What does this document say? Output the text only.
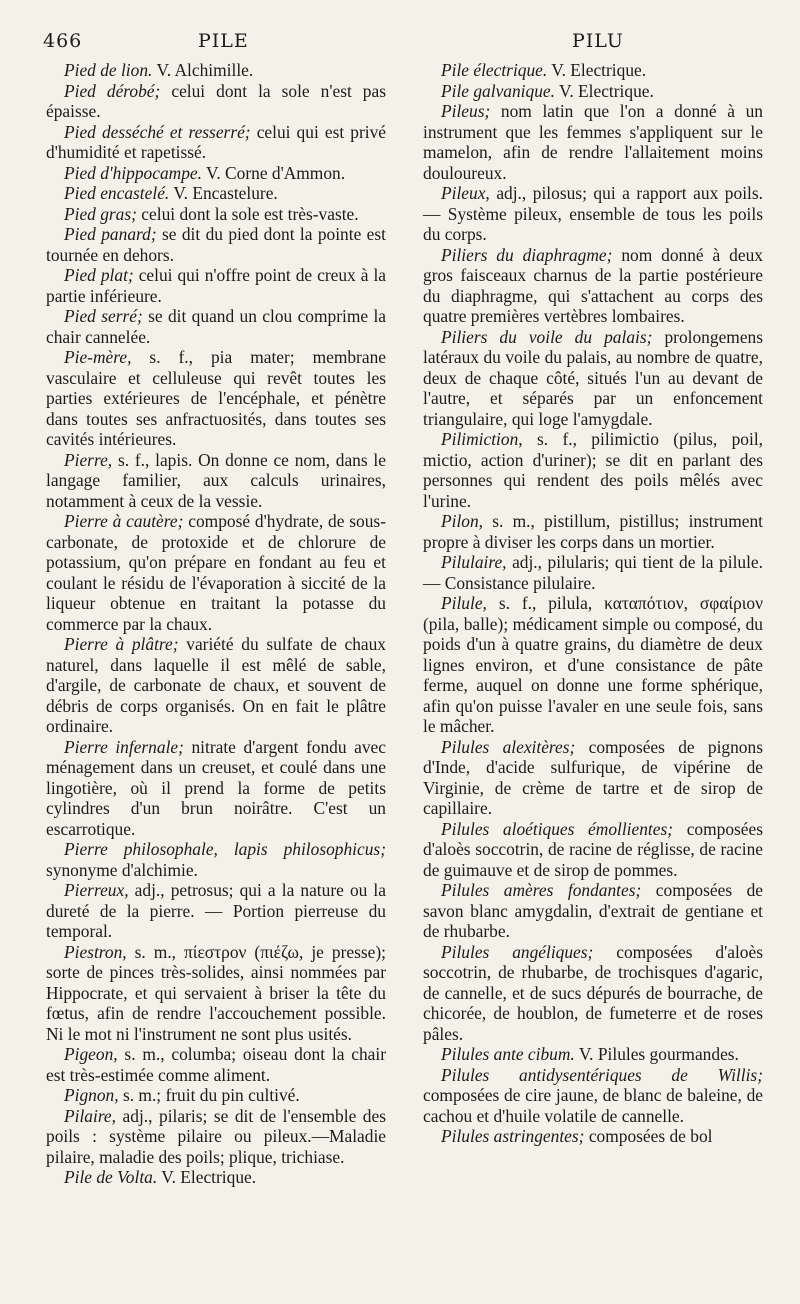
466	PILE	PILU

Pied de lion. V. Alchimille.

Pied dérobé; celui dont la sole n'est pas épaisse.

Pied desséché et resserré; celui qui est privé d'humidité et rapetissé.

Pied d'hippocampe. V. Corne d'Ammon.

Pied encastelé. V. Encastelure.

Pied gras; celui dont la sole est très-vaste.

Pied panard; se dit du pied dont la pointe est tournée en dehors.

Pied plat; celui qui n'offre point de creux à la partie inférieure.

Pied serré; se dit quand un clou comprime la chair cannelée.

Pie-mère, s. f., pia mater; membrane vasculaire et celluleuse qui revêt toutes les parties extérieures de l'encéphale, et pénètre dans toutes ses anfractuosités, dans toutes ses cavités intérieures.

Pierre, s. f., lapis. On donne ce nom, dans le langage familier, aux calculs urinaires, notamment à ceux de la vessie.

Pierre à cautère; composé d'hydrate, de sous-carbonate, de protoxide et de chlorure de potassium, qu'on prépare en fondant au feu et coulant le résidu de l'évaporation à siccité de la liqueur obtenue en traitant la potasse du commerce par la chaux.

Pierre à plâtre; variété du sulfate de chaux naturel, dans laquelle il est mêlé de sable, d'argile, de carbonate de chaux, et souvent de débris de corps organisés. On en fait le plâtre ordinaire.

Pierre infernale; nitrate d'argent fondu avec ménagement dans un creuset, et coulé dans une lingotière, où il prend la forme de petits cylindres d'un brun noirâtre. C'est un escarrotique.

Pierre philosophale, lapis philosophicus; synonyme d'alchimie.

Pierreux, adj., petrosus; qui a la nature ou la dureté de la pierre. — Portion pierreuse du temporal.

Piestron, s. m., πίεστρον (πιέζω, je presse); sorte de pinces très-solides, ainsi nommées par Hippocrate, et qui servaient à briser la tête du fœtus, afin de rendre l'accouchement possible. Ni le mot ni l'instrument ne sont plus usités.

Pigeon, s. m., columba; oiseau dont la chair est très-estimée comme aliment.

Pignon, s. m.; fruit du pin cultivé.

Pilaire, adj., pilaris; se dit de l'ensemble des poils : système pilaire ou pileux.—Maladie pilaire, maladie des poils; plique, trichiase.

Pile de Volta. V. Electrique.

Pile électrique. V. Electrique.

Pile galvanique. V. Electrique.

Pileus; nom latin que l'on a donné à un instrument que les femmes s'appliquent sur le mamelon, afin de rendre l'allaitement moins douloureux.

Pileux, adj., pilosus; qui a rapport aux poils. — Système pileux, ensemble de tous les poils du corps.

Piliers du diaphragme; nom donné à deux gros faisceaux charnus de la partie postérieure du diaphragme, qui s'attachent au corps des quatre premières vertèbres lombaires.

Piliers du voile du palais; prolongemens latéraux du voile du palais, au nombre de quatre, deux de chaque côté, situés l'un au devant de l'autre, et séparés par un enfoncement triangulaire, qui loge l'amygdale.

Pilimiction, s. f., pilimictio (pilus, poil, mictio, action d'uriner); se dit en parlant des personnes qui rendent des poils mêlés avec l'urine.

Pilon, s. m., pistillum, pistillus; instrument propre à diviser les corps dans un mortier.

Pilulaire, adj., pilularis; qui tient de la pilule. — Consistance pilulaire.

Pilule, s. f., pilula, καταπότιον, σφαίριον (pila, balle); médicament simple ou composé, du poids d'un à quatre grains, du diamètre de deux lignes environ, et d'une consistance de pâte ferme, auquel on donne une forme sphérique, afin qu'on puisse l'avaler en une seule fois, sans le mâcher.

Pilules alexitères; composées de pignons d'Inde, d'acide sulfurique, de vipérine de Virginie, de crème de tartre et de sirop de capillaire.

Pilules aloétiques émollientes; composées d'aloès soccotrin, de racine de réglisse, de racine de guimauve et de sirop de pommes.

Pilules amères fondantes; composées de savon blanc amygdalin, d'extrait de gentiane et de rhubarbe.

Pilules angéliques; composées d'aloès soccotrin, de rhubarbe, de trochisques d'agaric, de cannelle, et de sucs dépurés de bourrache, de chicorée, de houblon, de fumeterre et de roses pâles.

Pilules ante cibum. V. Pilules gourmandes.

Pilules antidysentériques de Willis; composées de cire jaune, de blanc de baleine, de cachou et d'huile volatile de cannelle.

Pilules astringentes; composées de bol
